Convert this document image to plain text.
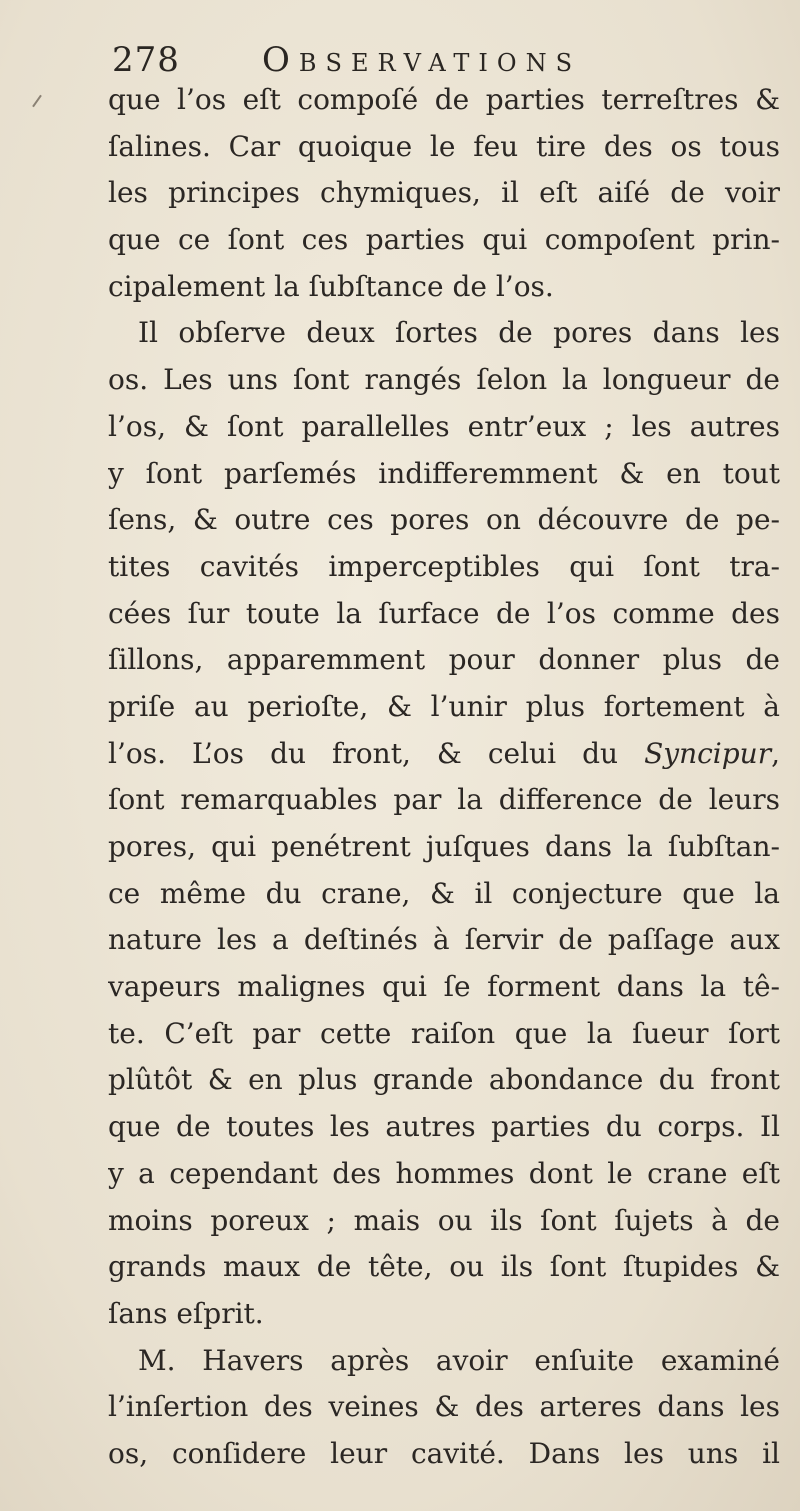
278 Observations
que l’os eſt compoſé de parties terreſtres &
ſalines. Car quoique le feu tire des os tous
les principes chymiques, il eſt aiſé de voir
que ce ſont ces parties qui compoſent prin-
cipalement la ſubſtance de l’os.
Il obſerve deux ſortes de pores dans les
os. Les uns ſont rangés ſelon la longueur de
l’os, & ſont parallelles entr’eux ; les autres
y ſont parſemés indifferemment & en tout
ſens, & outre ces pores on découvre de pe-
tites cavités imperceptibles qui ſont tra-
cées ſur toute la ſurface de l’os comme des
ſillons, apparemment pour donner plus de
priſe au perioſte, & l’unir plus fortement à
l’os. L’os du front, & celui du Syncipur,
ſont remarquables par la difference de leurs
pores, qui penétrent juſques dans la ſubſtan-
ce même du crane, & il conjecture que la
nature les a deſtinés à ſervir de paſſage aux
vapeurs malignes qui ſe forment dans la tê-
te. C’eſt par cette raiſon que la ſueur ſort
plûtôt & en plus grande abondance du front
que de toutes les autres parties du corps. Il
y a cependant des hommes dont le crane eſt
moins poreux ; mais ou ils ſont ſujets à de
grands maux de tête, ou ils ſont ſtupides &
ſans eſprit.
M. Havers après avoir enſuite examiné
l’inſertion des veines & des arteres dans les
os, conſidere leur cavité. Dans les uns il
